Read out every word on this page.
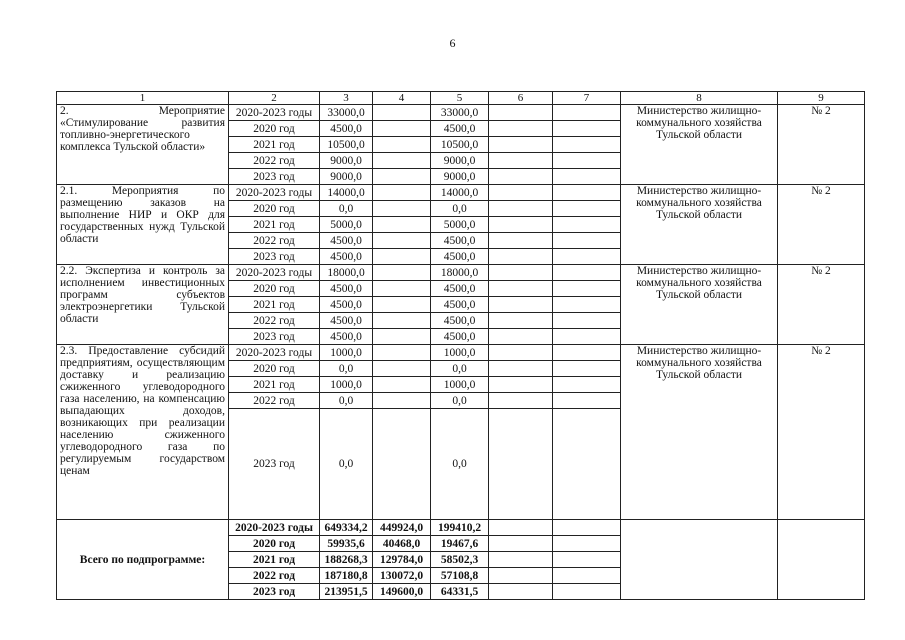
6
1	2	3	4	5	6	7	8	9

2. Мероприятие «Стимулирование развития топливно-энергетического комплекса Тульской области»	2020-2023 годы	33000,0		33000,0			Министерство жилищно-коммунального хозяйства Тульской области	№ 2
	2020 год	4500,0		4500,0				
	2021 год	10500,0		10500,0				
	2022 год	9000,0		9000,0				
	2023 год	9000,0		9000,0				

2.1. Мероприятия по размещению заказов на выполнение НИР и ОКР для государственных нужд Тульской области	2020-2023 годы	14000,0		14000,0			Министерство жилищно-коммунального хозяйства Тульской области	№ 2
	2020 год	0,0		0,0				
	2021 год	5000,0		5000,0				
	2022 год	4500,0		4500,0				
	2023 год	4500,0		4500,0				

2.2. Экспертиза и контроль за исполнением инвестиционных программ субъектов электроэнергетики Тульской области	2020-2023 годы	18000,0		18000,0			Министерство жилищно-коммунального хозяйства Тульской области	№ 2
	2020 год	4500,0		4500,0				
	2021 год	4500,0		4500,0				
	2022 год	4500,0		4500,0				
	2023 год	4500,0		4500,0				

2.3. Предоставление субсидий предприятиям, осуществляющим доставку и реализацию сжиженного углеводородного газа населению, на компенсацию выпадающих доходов, возникающих при реализации населению сжиженного углеводородного газа по регулируемым государством ценам	2020-2023 годы	1000,0		1000,0			Министерство жилищно-коммунального хозяйства Тульской области	№ 2
	2020 год	0,0		0,0				
	2021 год	1000,0		1000,0				
	2022 год	0,0		0,0				
	2023 год	0,0		0,0				
Всего по подпрограмме:	2020-2023 годы	649334,2	449924,0	199410,2				
	2020 год	59935,6	40468,0	19467,6				
	2021 год	188268,3	129784,0	58502,3				
	2022 год	187180,8	130072,0	57108,8				
	2023 год	213951,5	149600,0	64331,5				
